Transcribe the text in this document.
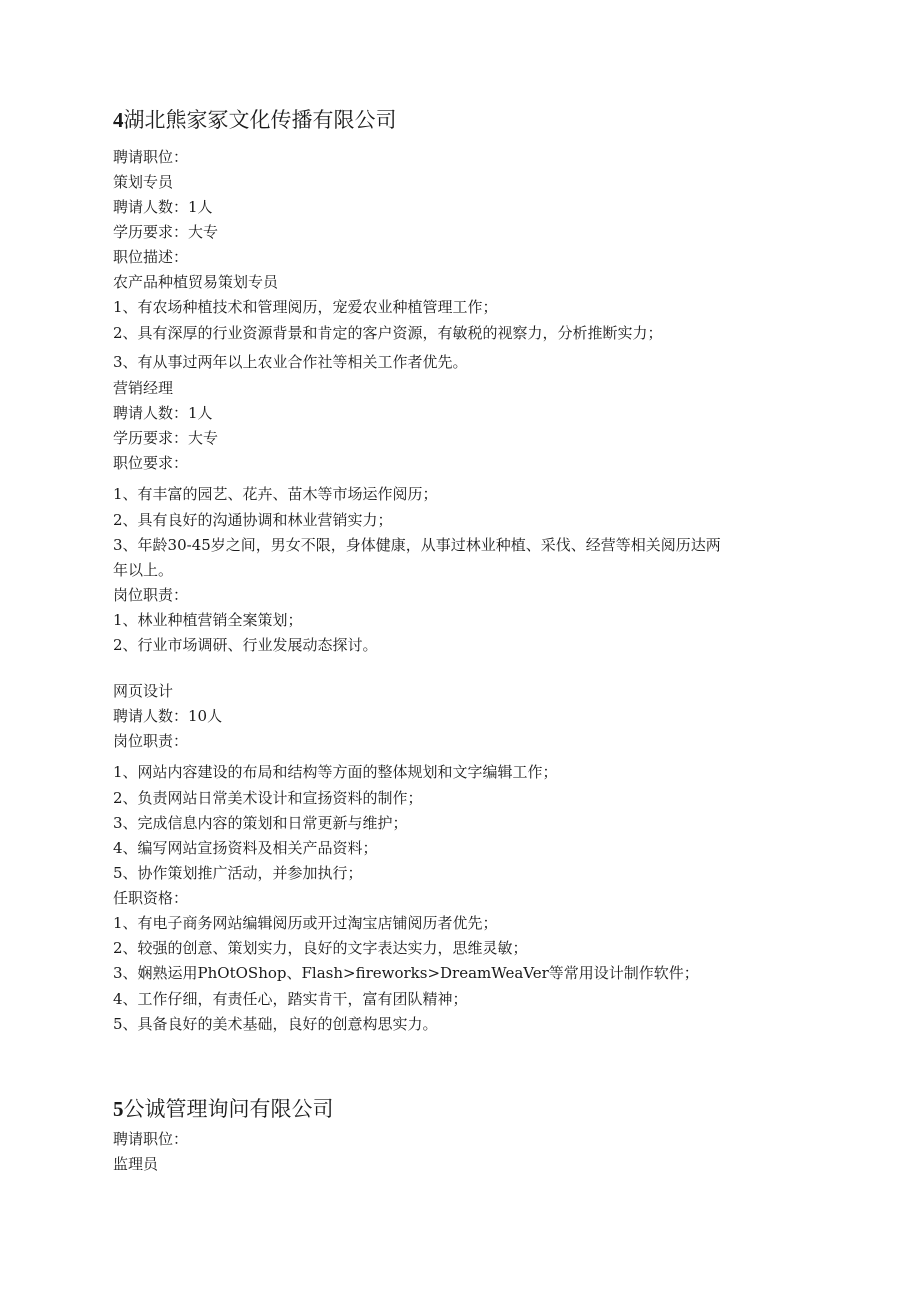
4湖北熊家冢文化传播有限公司
聘请职位：
策划专员
聘请人数：1人
学历要求：大专
职位描述：
农产品种植贸易策划专员
1、有农场种植技术和管理阅历，宠爱农业种植管理工作；
2、具有深厚的行业资源背景和肯定的客户资源，有敏税的视察力，分析推断实力；
3、有从事过两年以上农业合作社等相关工作者优先。
营销经理
聘请人数：1人
学历要求：大专
职位要求：
1、有丰富的园艺、花卉、苗木等市场运作阅历；
2、具有良好的沟通协调和林业营销实力；
3、年龄30-45岁之间，男女不限，身体健康，从事过林业种植、采伐、经营等相关阅历达两
年以上。
岗位职责：
1、林业种植营销全案策划；
2、行业市场调研、行业发展动态探讨。
网页设计
聘请人数：10人
岗位职责：
1、网站内容建设的布局和结构等方面的整体规划和文字编辑工作；
2、负责网站日常美术设计和宣扬资料的制作；
3、完成信息内容的策划和日常更新与维护；
4、编写网站宣扬资料及相关产品资料；
5、协作策划推广活动，并参加执行；
任职资格：
1、有电子商务网站编辑阅历或开过淘宝店铺阅历者优先；
2、较强的创意、策划实力，良好的文字表达实力，思维灵敏；
3、娴熟运用PhOtOShop、Flash>fireworks>DreamWeaVer等常用设计制作软件；
4、工作仔细，有责任心，踏实肯干，富有团队精神；
5、具备良好的美术基础，良好的创意构思实力。
5公诚管理询问有限公司
聘请职位：
监理员
